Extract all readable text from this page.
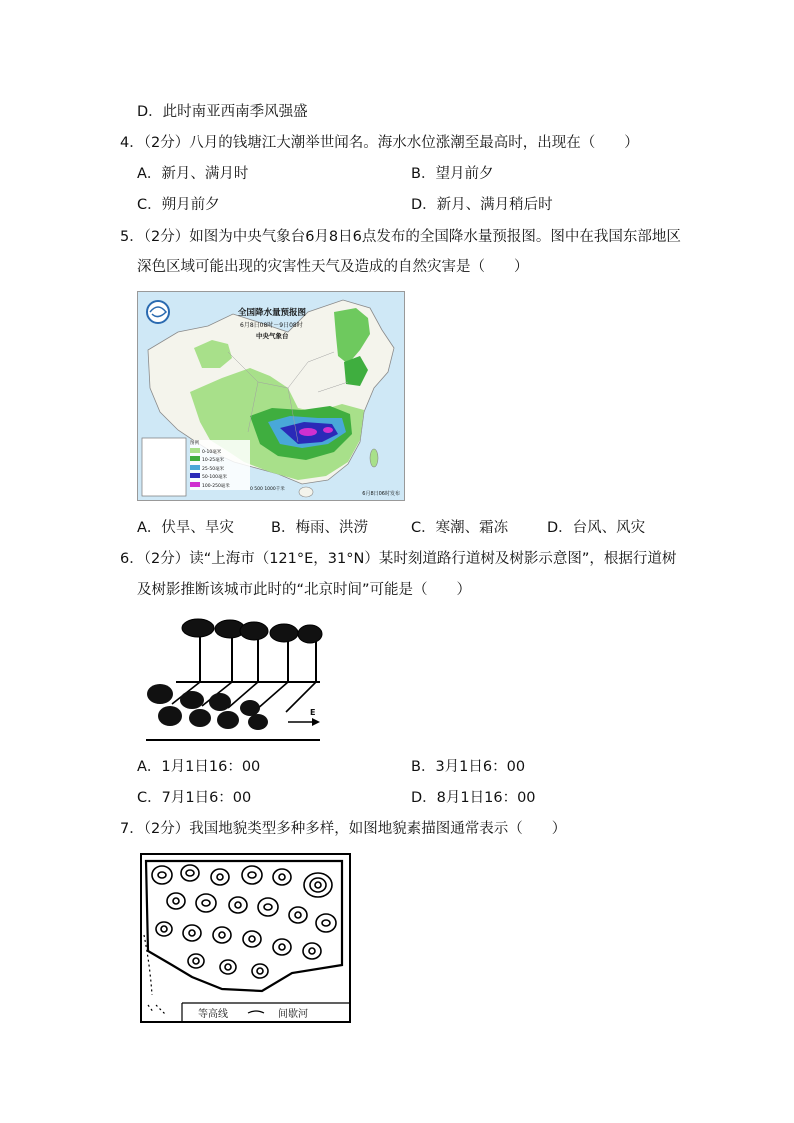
D．此时南亚西南季风强盛
4．（2分）八月的钱塘江大潮举世闻名。海水水位涨潮至最高时，出现在（　　）
A．新月、满月时	B．望月前夕
C．朔月前夕	D．新月、满月稍后时
5．（2分）如图为中央气象台6月8日6点发布的全国降水量预报图。图中在我国东部地区
深色区域可能出现的灾害性天气及造成的自然灾害是（　　）
全国降水量预报图
6月8日08时－9日08时
中央气象台
图例
0-10毫米
10-25毫米
25-50毫米
50-100毫米
100-250毫米
0 500 1000千米
6月8日06时发布
A．伏旱、旱灾	B．梅雨、洪涝	C．寒潮、霜冻	D．台风、风灾
6．（2分）读“上海市（121°E，31°N）某时刻道路行道树及树影示意图”，根据行道树
及树影推断该城市此时的“北京时间”可能是（　　）
E
A．1月1日16：00	B．3月1日6：00
C．7月1日6：00	D．8月1日16：00
7．（2分）我国地貌类型多种多样，如图地貌素描图通常表示（　　）
等高线	间歇河
